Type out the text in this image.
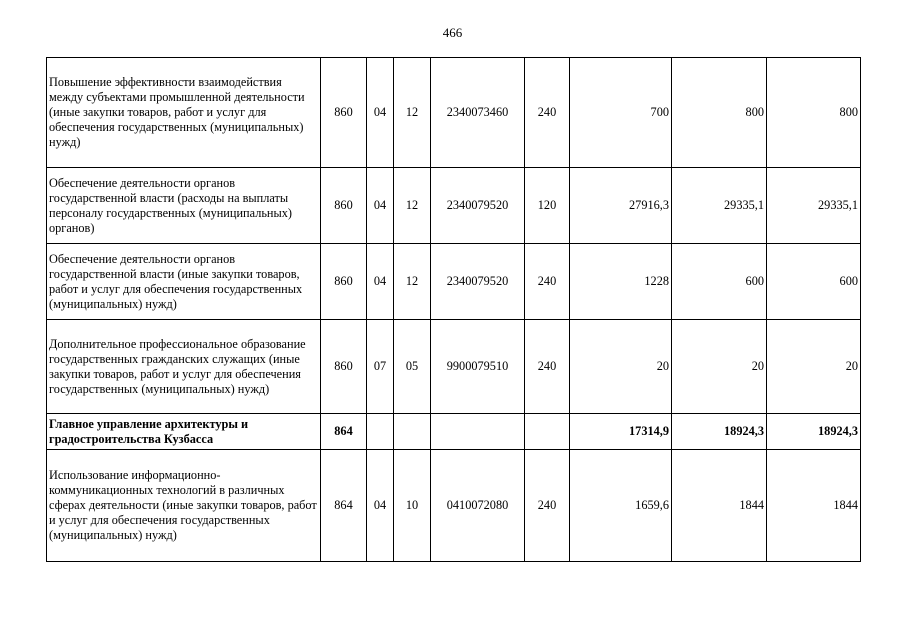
466
Повышение эффективности взаимодействия между субъектами промышленной деятельности (иные закупки товаров, работ и услуг для обеспечения государственных (муниципальных) нужд)	860	04	12	2340073460	240	700	800	800
Обеспечение деятельности органов государственной власти (расходы на выплаты персоналу государственных (муниципальных) органов)	860	04	12	2340079520	120	27916,3	29335,1	29335,1
Обеспечение деятельности органов государственной власти (иные закупки товаров, работ и услуг для обеспечения государственных (муниципальных) нужд)	860	04	12	2340079520	240	1228	600	600
Дополнительное профессиональное образование государственных гражданских служащих (иные закупки товаров, работ и услуг для обеспечения государственных (муниципальных) нужд)	860	07	05	9900079510	240	20	20	20
Главное управление архитектуры и градостроительства Кузбасса	864					17314,9	18924,3	18924,3
Использование информационно-коммуникационных технологий в различных сферах деятельности (иные закупки товаров, работ и услуг для обеспечения государственных (муниципальных) нужд)	864	04	10	0410072080	240	1659,6	1844	1844
